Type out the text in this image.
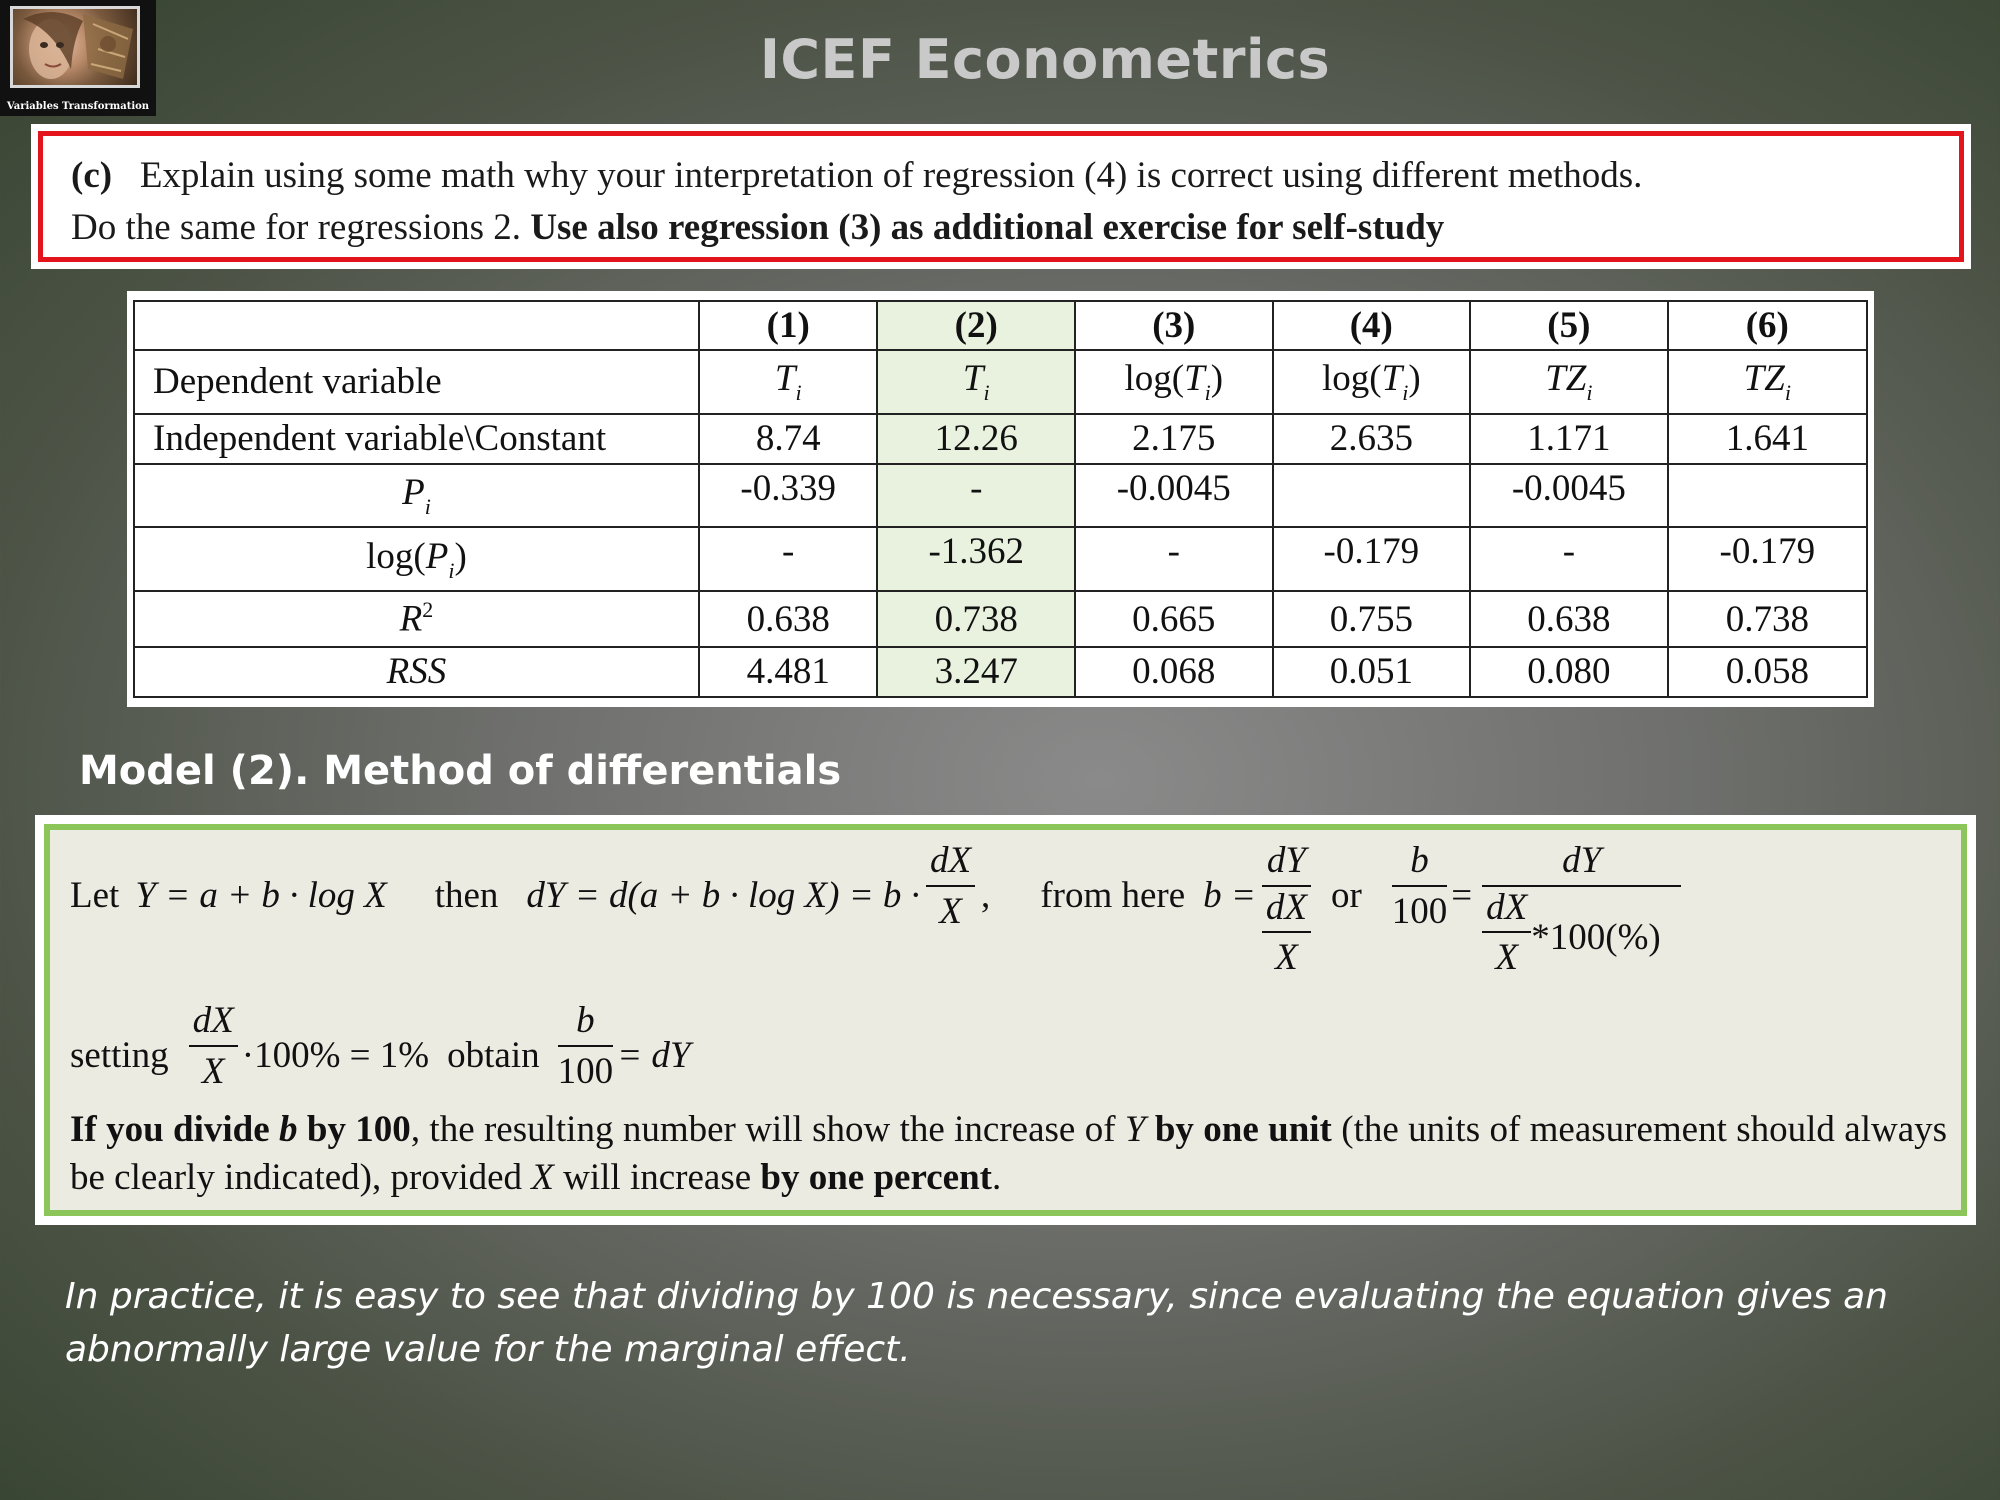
Variables Transformation
ICEF Econometrics
(c) Explain using some math why your interpretation of regression (4) is correct using different methods.
Do the same for regressions 2. Use also regression (3) as additional exercise for self-study
	(1)	(2)	(3)	(4)	(5)	(6)
Dependent variable	$T_i$	$T_i$	$\log(T_i)$	$\log(T_i)$	$TZ_i$	$TZ_i$
Independent variable\Constant	8.74	12.26	2.175	2.635	1.171	1.641
$P_i$	-0.339	-	-0.0045		-0.0045	
$\log(P_i)$	-	-1.362	-	-0.179	-	-0.179
$R^2$	0.638	0.738	0.665	0.755	0.638	0.738
RSS	4.481	3.247	0.068	0.051	0.080	0.058
Model (2). Method of differentials
Let Y = a + b · log X then dY = $d(a + b \cdot \log X) = b \cdot \frac{dX}{X}$ , from here $b = \frac{dY}{\frac{dX}{X}}$ or $\frac{b}{100} = \frac{dY}{\frac{dX}{X} *100(\%)}$
setting $\frac{dX}{X} \cdot 100\% = 1\%$ obtain $\frac{b}{100}$ = dY
If you divide b by 100, the resulting number will show the increase of Y by one unit (the units of measurement should always be clearly indicated), provided X will increase by one percent.
In practice, it is easy to see that dividing by 100 is necessary, since evaluating the equation gives an abnormally large value for the marginal effect.
